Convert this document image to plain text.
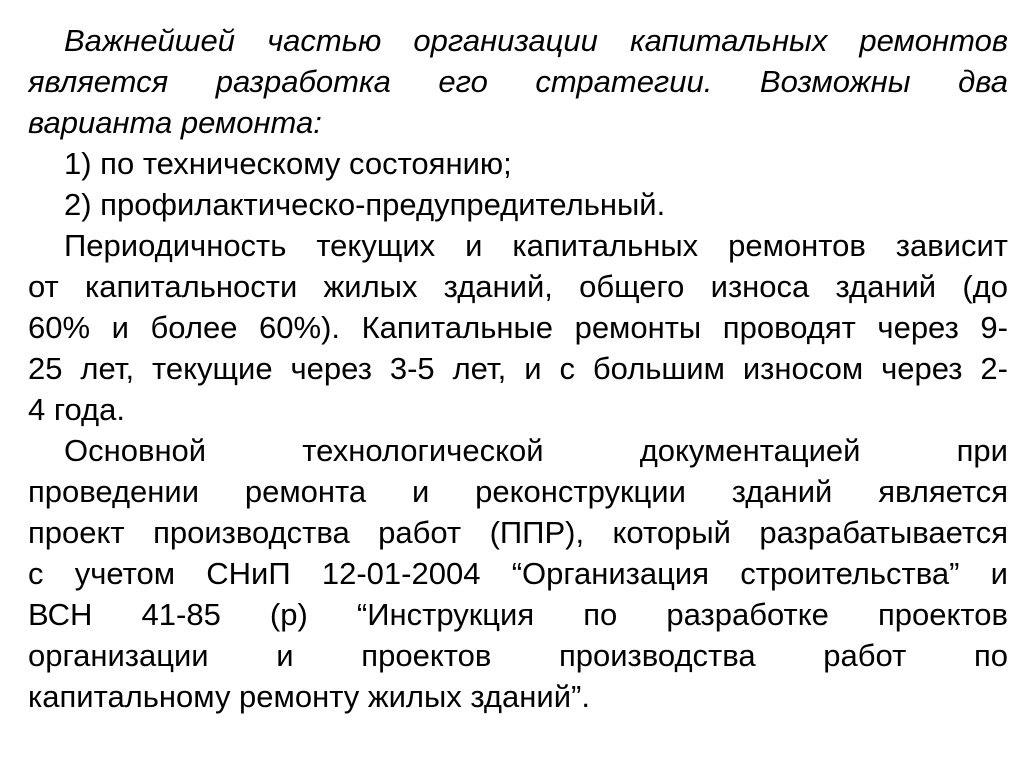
Важнейшей частью организации капитальных ремонтов
является разработка его стратегии. Возможны два
варианта ремонта:
1) по техническому состоянию;
2) профилактическо-предупредительный.
Периодичность текущих и капитальных ремонтов зависит
от капитальности жилых зданий, общего износа зданий (до
60% и более 60%). Капитальные ремонты проводят через 9-
25 лет, текущие через 3-5 лет, и с большим износом через 2-
4 года.
Основной технологической документацией при
проведении ремонта и реконструкции зданий является
проект производства работ (ППР), который разрабатывается
с учетом СНиП 12-01-2004 “Организация строительства” и
ВСН 41-85 (р) “Инструкция по разработке проектов
организации и проектов производства работ по
капитальному ремонту жилых зданий”.
